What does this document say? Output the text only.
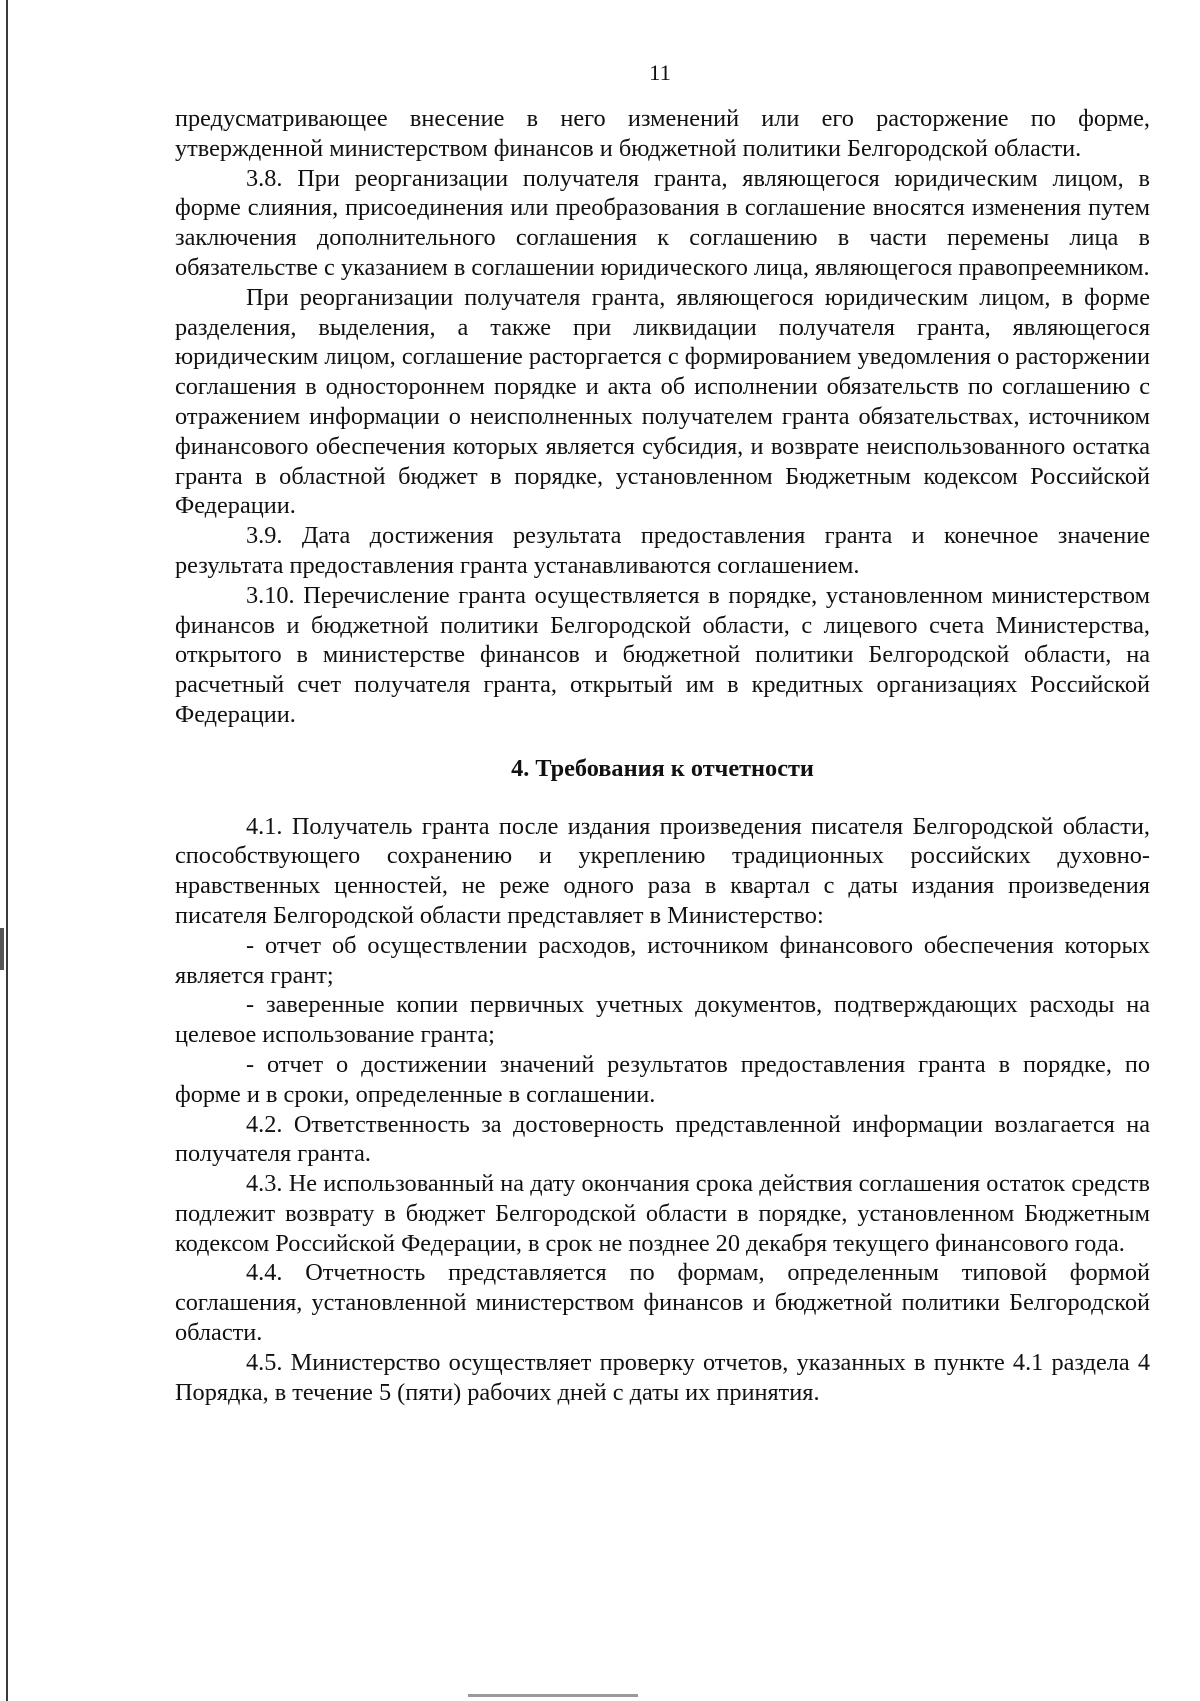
11

предусматривающее внесение в него изменений или его расторжение по форме, утвержденной министерством финансов и бюджетной политики Белгородской области.

3.8. При реорганизации получателя гранта, являющегося юридическим лицом, в форме слияния, присоединения или преобразования в соглашение вносятся изменения путем заключения дополнительного соглашения к соглашению в части перемены лица в обязательстве с указанием в соглашении юридического лица, являющегося правопреемником.

При реорганизации получателя гранта, являющегося юридическим лицом, в форме разделения, выделения, а также при ликвидации получателя гранта, являющегося юридическим лицом, соглашение расторгается с формированием уведомления о расторжении соглашения в одностороннем порядке и акта об исполнении обязательств по соглашению с отражением информации о неисполненных получателем гранта обязательствах, источником финансового обеспечения которых является субсидия, и возврате неиспользованного остатка гранта в областной бюджет в порядке, установленном Бюджетным кодексом Российской Федерации.

3.9. Дата достижения результата предоставления гранта и конечное значение результата предоставления гранта устанавливаются соглашением.

3.10. Перечисление гранта осуществляется в порядке, установленном министерством финансов и бюджетной политики Белгородской области, с лицевого счета Министерства, открытого в министерстве финансов и бюджетной политики Белгородской области, на расчетный счет получателя гранта, открытый им в кредитных организациях Российской Федерации.

4. Требования к отчетности

4.1. Получатель гранта после издания произведения писателя Белгородской области, способствующего сохранению и укреплению традиционных российских духовно-нравственных ценностей, не реже одного раза в квартал с даты издания произведения писателя Белгородской области представляет в Министерство:

- отчет об осуществлении расходов, источником финансового обеспечения которых является грант;

- заверенные копии первичных учетных документов, подтверждающих расходы на целевое использование гранта;

- отчет о достижении значений результатов предоставления гранта в порядке, по форме и в сроки, определенные в соглашении.

4.2. Ответственность за достоверность представленной информации возлагается на получателя гранта.

4.3. Не использованный на дату окончания срока действия соглашения остаток средств подлежит возврату в бюджет Белгородской области в порядке, установленном Бюджетным кодексом Российской Федерации, в срок не позднее 20 декабря текущего финансового года.

4.4. Отчетность представляется по формам, определенным типовой формой соглашения, установленной министерством финансов и бюджетной политики Белгородской области.

4.5. Министерство осуществляет проверку отчетов, указанных в пункте 4.1 раздела 4 Порядка, в течение 5 (пяти) рабочих дней с даты их принятия.
